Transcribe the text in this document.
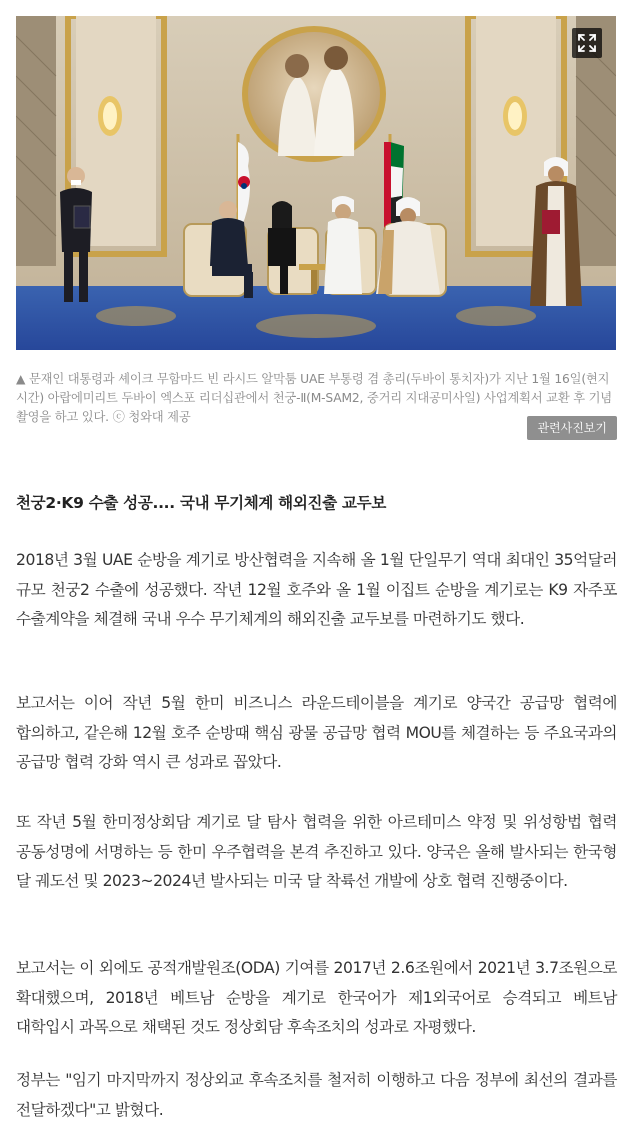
▲ 문재인 대통령과 셰이크 무함마드 빈 라시드 알막툼 UAE 부통령 겸 총리(두바이 통치자)가 지난 1월 16일(현지시간) 아랍에미리트 두바이 엑스포 리더십관에서 천궁-Ⅱ(M-SAM2, 중거리 지대공미사일) 사업계획서 교환 후 기념촬영을 하고 있다. ⓒ 청와대 제공
관련사진보기
천궁2·K9 수출 성공.... 국내 무기체계 해외진출 교두보

2018년 3월 UAE 순방을 계기로 방산협력을 지속해 올 1월 단일무기 역대 최대인 35억달러 규모 천궁2 수출에 성공했다. 작년 12월 호주와 올 1월 이집트 순방을 계기로는 K9 자주포 수출계약을 체결해 국내 우수 무기체계의 해외진출 교두보를 마련하기도 했다.

보고서는 이어 작년 5월 한미 비즈니스 라운드테이블을 계기로 양국간 공급망 협력에 합의하고, 같은해 12월 호주 순방때 핵심 광물 공급망 협력 MOU를 체결하는 등 주요국과의 공급망 협력 강화 역시 큰 성과로 꼽았다.

또 작년 5월 한미정상회담 계기로 달 탐사 협력을 위한 아르테미스 약정 및 위성항법 협력 공동성명에 서명하는 등 한미 우주협력을 본격 추진하고 있다. 양국은 올해 발사되는 한국형 달 궤도선 및 2023~2024년 발사되는 미국 달 착륙선 개발에 상호 협력 진행중이다.

보고서는 이 외에도 공적개발원조(ODA) 기여를 2017년 2.6조원에서 2021년 3.7조원으로 확대했으며, 2018년 베트남 순방을 계기로 한국어가 제1외국어로 승격되고 베트남 대학입시 과목으로 채택된 것도 정상회담 후속조치의 성과로 자평했다.

정부는 "임기 마지막까지 정상외교 후속조치를 철저히 이행하고 다음 정부에 최선의 결과를 전달하겠다"고 밝혔다.
